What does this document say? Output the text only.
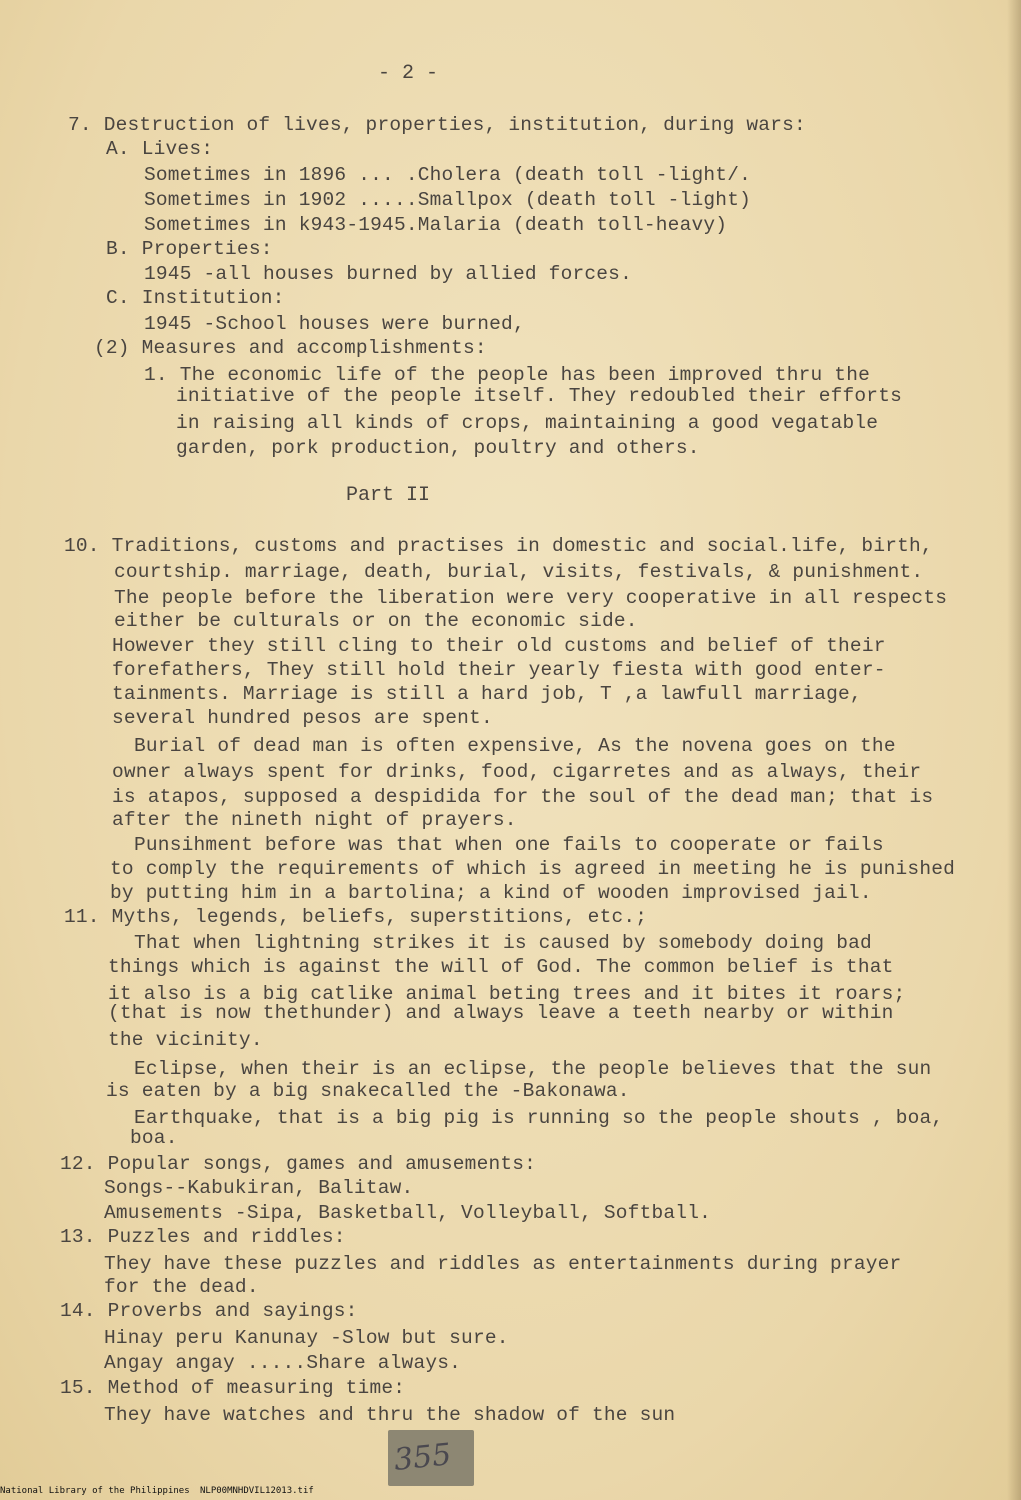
- 2 -
7. Destruction of lives, properties, institution, during wars:
A. Lives:
Sometimes in 1896 ... .Cholera (death toll -light/.
Sometimes in 1902 .....Smallpox (death toll -light)
Sometimes in k943-1945.Malaria (death toll-heavy)
B. Properties:
1945 -all houses burned by allied forces.
C. Institution:
1945 -School houses were burned,
(2) Measures and accomplishments:
1. The economic life of the people has been improved thru the
initiative of the people itself. They redoubled their efforts
in raising all kinds of crops, maintaining a good vegatable
garden, pork production, poultry and others.
Part II
10. Traditions, customs and practises in domestic and social.life, birth,
courtship. marriage, death, burial, visits, festivals, & punishment.
The people before the liberation were very cooperative in all respects
either be culturals or on the economic side.
However they still cling to their old customs and belief of their
forefathers, They still hold their yearly fiesta with good enter-
tainments. Marriage is still a hard job, T ,a lawfull marriage,
several hundred pesos are spent.
Burial of dead man is often expensive, As the novena goes on the
owner always spent for drinks, food, cigarretes and as always, their
is atapos, supposed a despidida for the soul of the dead man; that is
after the nineth night of prayers.
Punsihment before was that when one fails to cooperate or fails
to comply the requirements of which is agreed in meeting he is punished
by putting him in a bartolina; a kind of wooden improvised jail.
11. Myths, legends, beliefs, superstitions, etc.;
That when lightning strikes it is caused by somebody doing bad
things which is against the will of God. The common belief is that
it also is a big catlike animal beting trees and it bites it roars;
(that is now thethunder) and always leave a teeth nearby or within
the vicinity.
Eclipse, when their is an eclipse, the people believes that the sun
is eaten by a big snakecalled the -Bakonawa.
Earthquake, that is a big pig is running so the people shouts , boa,
boa.
12. Popular songs, games and amusements:
Songs--Kabukiran, Balitaw.
Amusements -Sipa, Basketball, Volleyball, Softball.
13. Puzzles and riddles:
They have these puzzles and riddles as entertainments during prayer
for the dead.
14. Proverbs and sayings:
Hinay peru Kanunay -Slow but sure.
Angay angay .....Share always.
15. Method of measuring time:
They have watches and thru the shadow of the sun
355
National Library of the Philippines NLP00MNHDVIL12013.tif
